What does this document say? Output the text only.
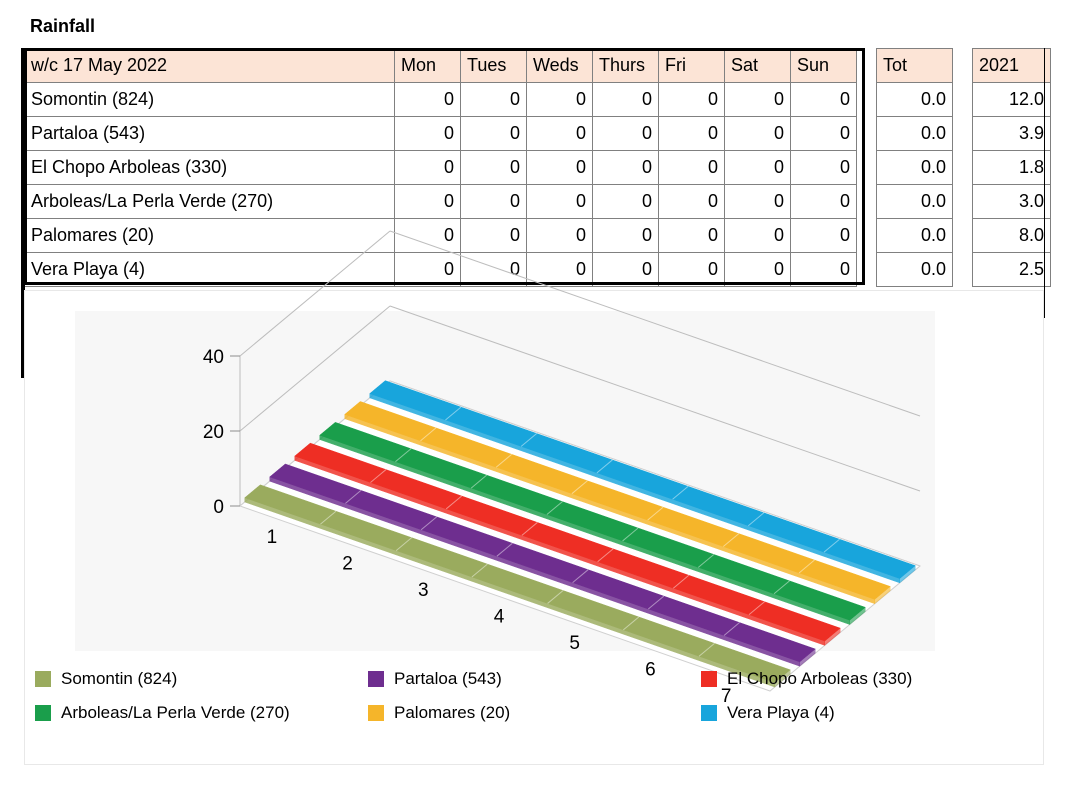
Rainfall
w/c 17 May 2022	Mon	Tues	Weds	Thurs	Fri	Sat	Sun		Tot		2021
Somontin (824)	0	0	0	0	0	0	0		0.0		12.0
Partaloa (543)	0	0	0	0	0	0	0		0.0		3.9
El Chopo Arboleas (330)	0	0	0	0	0	0	0		0.0		1.8
Arboleas/La Perla Verde (270)	0	0	0	0	0	0	0		0.0		3.0
Palomares (20)	0	0	0	0	0	0	0		0.0		8.0
Vera Playa (4)	0	0	0	0	0	0	0		0.0		2.5
0
20
40
1
2
3
4
5
6
7
Somontin (824)	Partaloa (543)	El Chopo Arboleas (330)
Arboleas/La Perla Verde (270)	Palomares (20)	Vera Playa (4)
